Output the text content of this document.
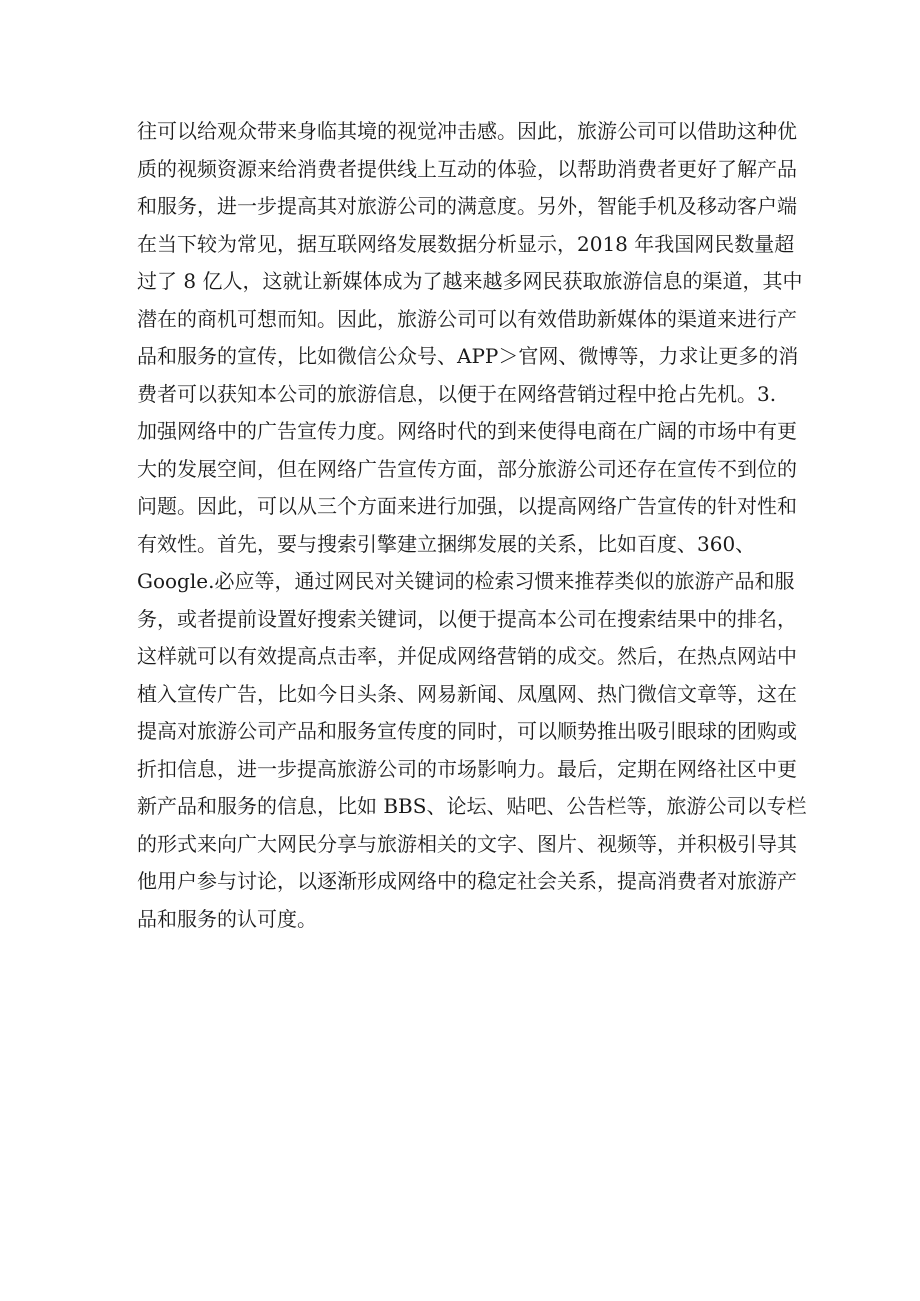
往可以给观众带来身临其境的视觉冲击感。因此，旅游公司可以借助这种优
质的视频资源来给消费者提供线上互动的体验，以帮助消费者更好了解产品
和服务，进一步提高其对旅游公司的满意度。另外，智能手机及移动客户端
在当下较为常见，据互联网络发展数据分析显示，2018 年我国网民数量超
过了 8 亿人，这就让新媒体成为了越来越多网民获取旅游信息的渠道，其中
潜在的商机可想而知。因此，旅游公司可以有效借助新媒体的渠道来进行产
品和服务的宣传，比如微信公众号、APP＞官网、微博等，力求让更多的消
费者可以获知本公司的旅游信息，以便于在网络营销过程中抢占先机。3.
加强网络中的广告宣传力度。网络时代的到来使得电商在广阔的市场中有更
大的发展空间，但在网络广告宣传方面，部分旅游公司还存在宣传不到位的
问题。因此，可以从三个方面来进行加强，以提高网络广告宣传的针对性和
有效性。首先，要与搜索引擎建立捆绑发展的关系，比如百度、360、
Google.必应等，通过网民对关键词的检索习惯来推荐类似的旅游产品和服
务，或者提前设置好搜索关键词，以便于提高本公司在搜索结果中的排名，
这样就可以有效提高点击率，并促成网络营销的成交。然后，在热点网站中
植入宣传广告，比如今日头条、网易新闻、凤凰网、热门微信文章等，这在
提高对旅游公司产品和服务宣传度的同时，可以顺势推出吸引眼球的团购或
折扣信息，进一步提高旅游公司的市场影响力。最后，定期在网络社区中更
新产品和服务的信息，比如 BBS、论坛、贴吧、公告栏等，旅游公司以专栏
的形式来向广大网民分享与旅游相关的文字、图片、视频等，并积极引导其
他用户参与讨论，以逐渐形成网络中的稳定社会关系，提高消费者对旅游产
品和服务的认可度。
